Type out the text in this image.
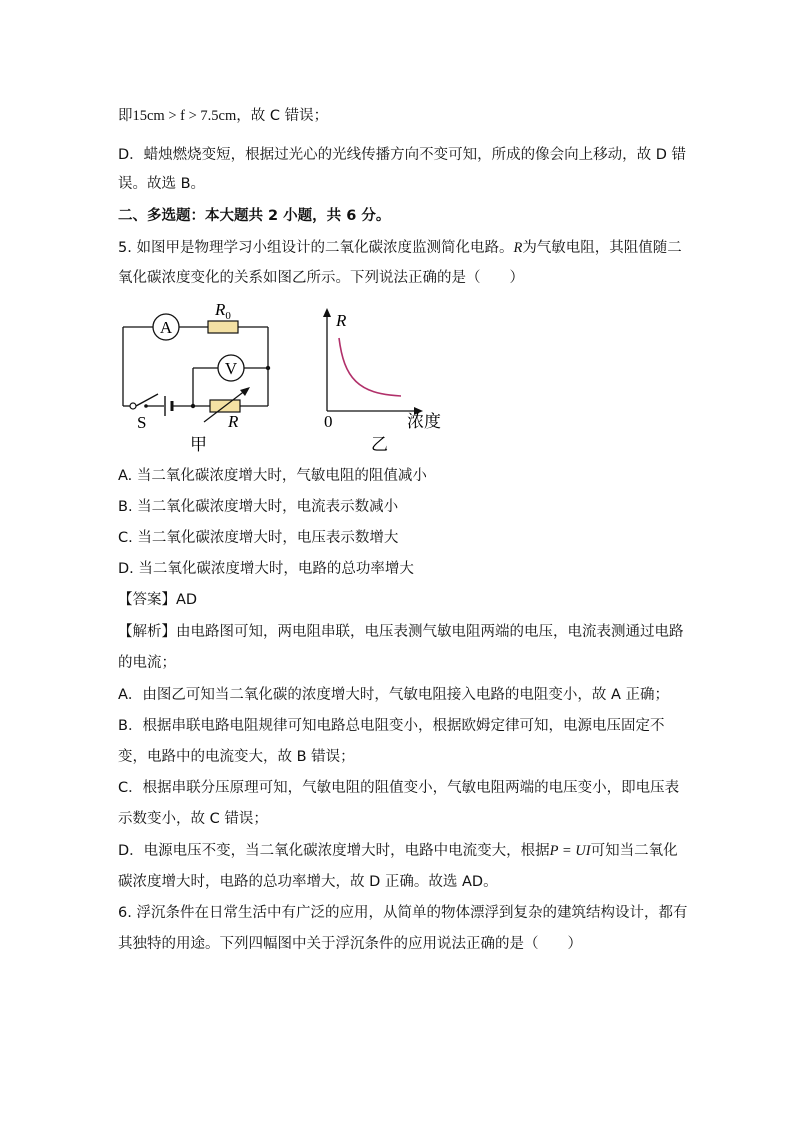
即15cm > f > 7.5cm，故 C 错误；
D．蜡烛燃烧变短，根据过光心的光线传播方向不变可知，所成的像会向上移动，故 D 错
误。故选 B。
二、多选题：本大题共 2 小题，共 6 分。
5. 如图甲是物理学习小组设计的二氧化碳浓度监测简化电路。R为气敏电阻，其阻值随二
氧化碳浓度变化的关系如图乙所示。下列说法正确的是（　　）
A
$R_0$
V
S	R
甲
R
0	浓度
乙
A. 当二氧化碳浓度增大时，气敏电阻的阻值减小
B. 当二氧化碳浓度增大时，电流表示数减小
C. 当二氧化碳浓度增大时，电压表示数增大
D. 当二氧化碳浓度增大时，电路的总功率增大
【答案】AD
【解析】由电路图可知，两电阻串联，电压表测气敏电阻两端的电压，电流表测通过电路
的电流；
A．由图乙可知当二氧化碳的浓度增大时，气敏电阻接入电路的电阻变小，故 A 正确；
B．根据串联电路电阻规律可知电路总电阻变小，根据欧姆定律可知，电源电压固定不
变，电路中的电流变大，故 B 错误；
C．根据串联分压原理可知，气敏电阻的阻值变小，气敏电阻两端的电压变小，即电压表
示数变小，故 C 错误；
D．电源电压不变，当二氧化碳浓度增大时，电路中电流变大，根据P = UI可知当二氧化
碳浓度增大时，电路的总功率增大，故 D 正确。故选 AD。
6. 浮沉条件在日常生活中有广泛的应用，从简单的物体漂浮到复杂的建筑结构设计，都有
其独特的用途。下列四幅图中关于浮沉条件的应用说法正确的是（　　）
